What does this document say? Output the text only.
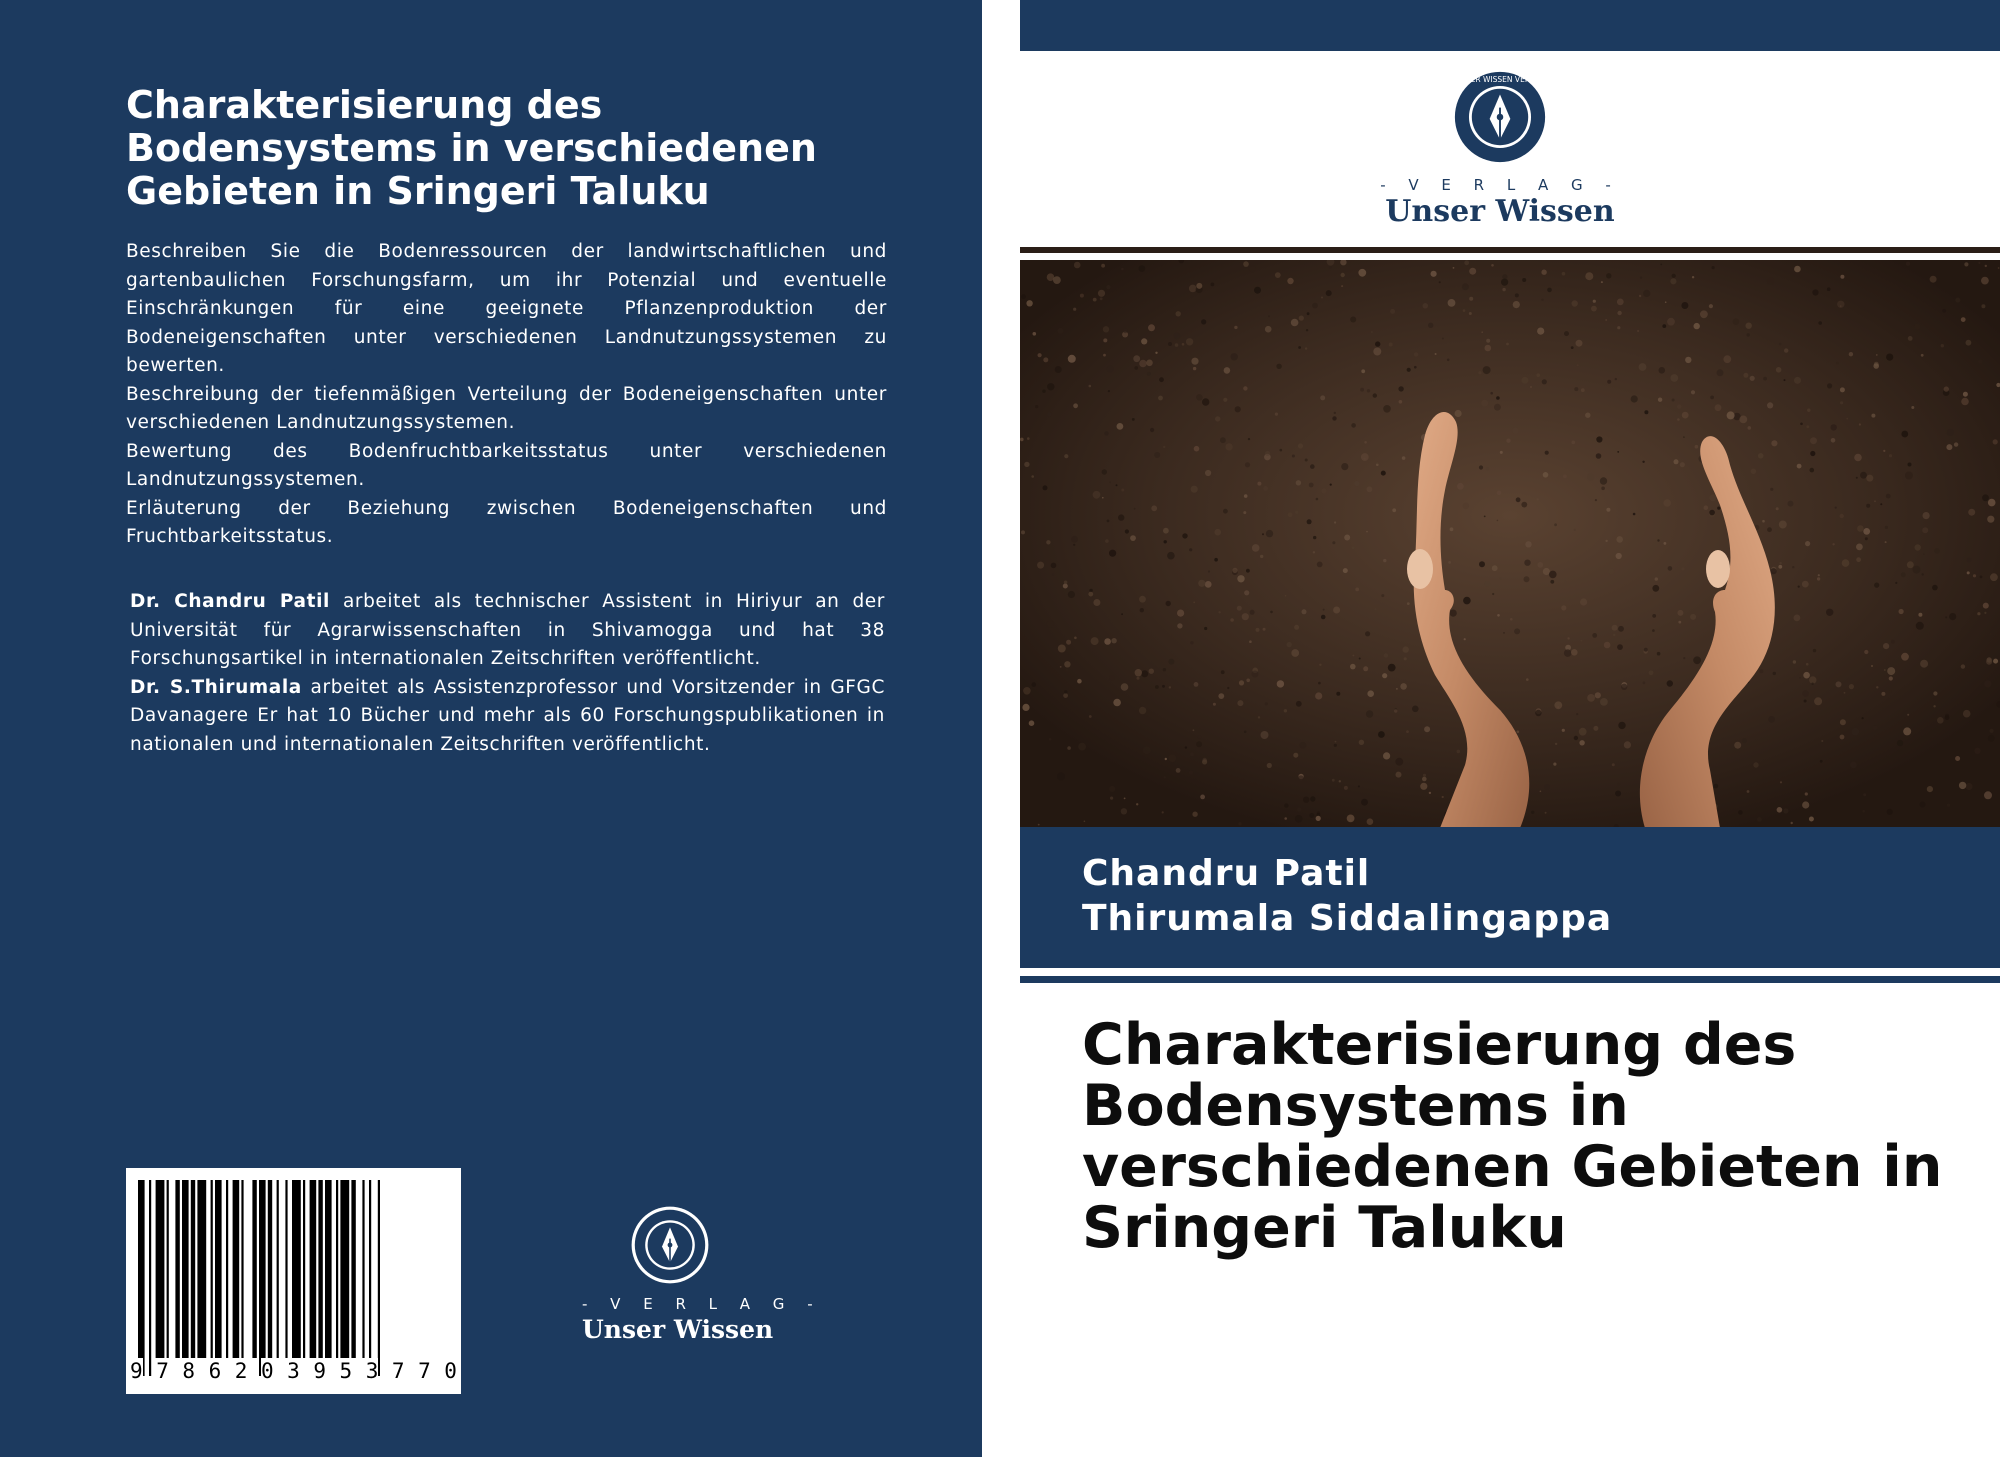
Charakterisierung des Bodensystems in verschiedenen Gebieten in Sringeri Taluku

Beschreiben Sie die Bodenressourcen der landwirtschaftlichen und gartenbaulichen Forschungsfarm, um ihr Potenzial und eventuelle Einschränkungen für eine geeignete Pflanzenproduktion der Bodeneigenschaften unter verschiedenen Landnutzungssystemen zu bewerten.

Beschreibung der tiefenmäßigen Verteilung der Bodeneigenschaften unter verschiedenen Landnutzungssystemen.

Bewertung des Bodenfruchtbarkeitsstatus unter verschiedenen Landnutzungssystemen.

Erläuterung der Beziehung zwischen Bodeneigenschaften und Fruchtbarkeitsstatus.

Dr. Chandru Patil arbeitet als technischer Assistent in Hiriyur an der Universität für Agrarwissenschaften in Shivamogga und hat 38 Forschungsartikel in internationalen Zeitschriften veröffentlicht.

Dr. S.Thirumala arbeitet als Assistenzprofessor und Vorsitzender in GFGC Davanagere Er hat 10 Bücher und mehr als 60 Forschungspublikationen in nationalen und internationalen Zeitschriften veröffentlicht.

9 7 8 6 2 0 3 9 5 3 7 7 0
- V E R L A G -
Unser Wissen
UNSER WISSEN VERLAG
- V E R L A G -
Unser Wissen
Chandru Patil
Thirumala Siddalingappa
Charakterisierung des Bodensystems in verschiedenen Gebieten in Sringeri Taluku
